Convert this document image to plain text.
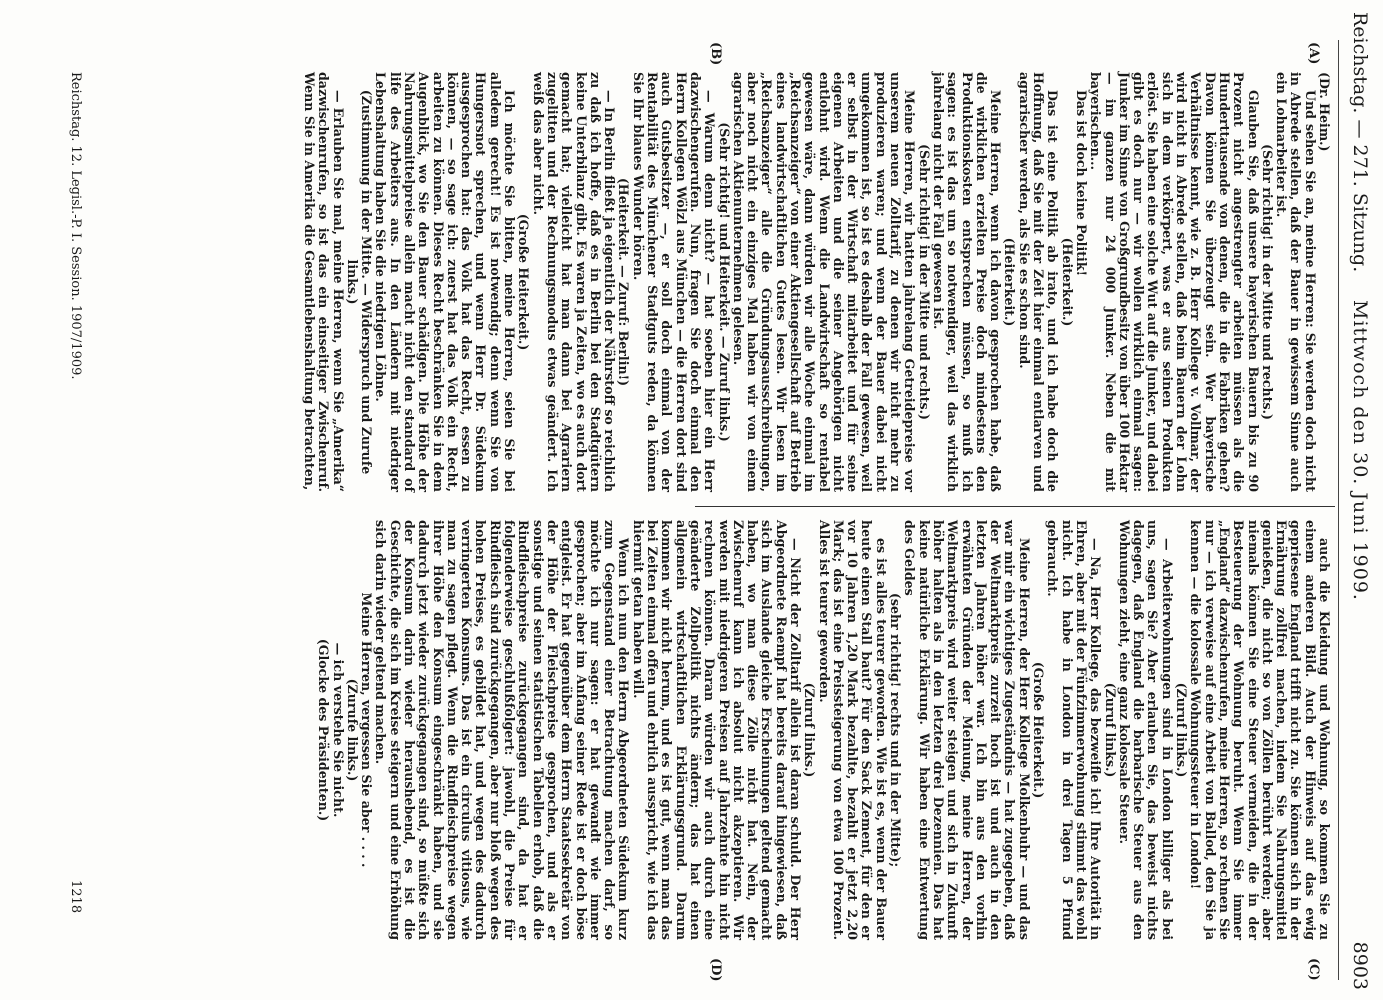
Reichstag. — 271. Sitzung.
Mittwoch den 30. Juni 1909.
8903
(A)
(B)
(C)
(D)

(Dr. Heim.)

Und sehen Sie an, meine Herren: Sie werden doch nicht in Abrede stellen, daß der Bauer in gewissem Sinne auch ein Lohnarbeiter ist.

(Sehr richtig! in der Mitte und rechts.)

Glauben Sie, daß unsere bayerischen Bauern bis zu 90 Prozent nicht angestrengter arbeiten müssen als die Hunderttausende von denen, die in die Fabriken gehen? Davon können Sie überzeugt sein. Wer bayerische Verhältnisse kennt, wie z. B. Herr Kollege v. Vollmar, der wird nicht in Abrede stellen, daß beim Bauern der Lohn sich in dem verkörpert, was er aus seinen Produkten erlöst. Sie haben eine solche Wut auf die Junker, und dabei gibt es doch nur — wir wollen wirklich einmal sagen: Junker im Sinne von Großgrundbesitz von über 100 Hektar — im ganzen nur 24 000 Junker. Neben die mit bayerischen...

Das ist doch keine Politik!

(Heiterkeit.)

Das ist eine Politik ab irato, und ich habe doch die Hoffnung, daß Sie mit der Zeit hier einmal entlarven und agrarischer werden, als Sie es schon sind.

(Heiterkeit.)

Meine Herren, wenn ich davon gesprochen habe, daß die wirklichen erzielten Preise doch mindestens den Produktionskosten entsprechen müssen, so muß ich sagen: es ist das um so notwendiger, weil das wirklich jahrelang nicht der Fall gewesen ist.

(Sehr richtig! in der Mitte und rechts.)

Meine Herren, wir hatten jahrelang Getreidepreise vor unserem neuen Zolltarif, zu denen wir nicht mehr zu produzieren waren; und wenn der Bauer dabei nicht umgekommen ist, so ist es deshalb der Fall gewesen, weil er selbst in der Wirtschaft mitarbeitet und für seine eigenen Arbeiten und die seiner Angehörigen nicht entlohnt wird. Wenn die Landwirtschaft so rentabel gewesen wäre, dann würden wir alle Woche einmal im „Reichsanzeiger“ von einer Aktiengesellschaft auf Betrieb eines landwirtschaftlichen Gutes lesen. Wir lesen im „Reichsanzeiger“ alle die Gründungsausschreibungen, aber noch nicht ein einziges Mal haben wir von einem agrarischen Aktienunternehmen gelesen.

(Sehr richtig! und Heiterkeit. — Zuruf links.)

— Warum denn nicht? — hat soeben hier ein Herr dazwischengerufen. Nun, fragen Sie doch einmal den Herrn Kollegen Wölzl aus München — die Herren dort sind auch Gutsbesitzer —, er soll doch einmal von der Rentabilität des Münchener Stadtguts reden, da können Sie Ihr blaues Wunder hören.

(Heiterkeit. — Zuruf: Berlin!)

— In Berlin fließt ja eigentlich der Nährstoff so reichlich zu daß ich hoffe, daß es in Berlin bei den Stadtgütern keine Unterbilanz gibt. Es waren ja Zeiten, wo es auch dort gemacht hat; vielleicht hat man dann bei Agrariern zugelitten und der Rechnungsmodus etwas geändert. Ich weiß das aber nicht.

(Große Heiterkeit.)

Ich möchte Sie bitten, meine Herren, seien Sie bei alledem gerecht! Es ist notwendig; denn wenn Sie von Hungersnot sprechen, und wenn Herr Dr. Südekum ausgesprochen hat: das Volk hat das Recht, essen zu können, — so sage ich: zuerst hat das Volk ein Recht, arbeiten zu können. Dieses Recht beschränken Sie in dem Augenblick, wo Sie den Bauer schädigen. Die Höhe der Nahrungsmittelpreise allein macht nicht den standard of life des Arbeiters aus. In den Ländern mit niedriger Lebenshaltung haben Sie die niedrigen Löhne.

(Zustimmung in der Mitte. — Widerspruch und Zurufe links.)

— Erlauben Sie mal, meine Herren, wenn Sie „Amerika“ dazwischenrufen, so ist das ein einseitiger Zwischenruf. Wenn Sie in Amerika die Gesamtlebenshaltung betrachten,

auch die Kleidung und Wohnung, so kommen Sie zu einem anderen Bild. Auch der Hinweis auf das ewig gepriesene England trifft nicht zu. Sie können sich in der Ernährung zollfrei machen, indem Sie Nahrungsmittel genießen, die nicht so von Zöllen berührt werden; aber niemals können Sie eine Steuer vermeiden, die in der Besteuerung der Wohnung beruht. Wenn Sie immer „England“ dazwischenrufen, meine Herren, so rechnen Sie nur — ich verweise auf eine Arbeit von Ballod, den Sie ja kennen — die kolossale Wohnungssteuer in London!

(Zuruf links.)

— Arbeiterwohnungen sind in London billiger als bei uns, sagen Sie? Aber erlauben Sie, das beweist nichts dagegen, daß England die barbarische Steuer aus den Wohnungen zieht, eine ganz kolossale Steuer.

(Zuruf links.)

— Na, Herr Kollege, das bezweifle ich! Ihre Autorität in Ehren, aber mit der Fünfzimmerwohnung stimmt das wohl nicht. Ich habe in London in drei Tagen 5 Pfund gebraucht.

(Große Heiterkeit.)

Meine Herren, der Herr Kollege Molkenbuhr — und das war mir ein wichtiges Zugeständnis — hat zugegeben, daß der Weltmarktpreis zurzeit hoch ist und auch in den letzten Jahren höher war. Ich bin aus den vorhin erwähnten Gründen der Meinung, meine Herren, der Weltmarktpreis wird weiter steigen und sich in Zukunft höher halten als in den letzten drei Dezennien. Das hat keine natürliche Erklärung. Wir haben eine Entwertung des Geldes

(sehr richtig! rechts und in der Mitte);

es ist alles teurer geworden. Wie ist es, wenn der Bauer heute einen Stall baut? Für den Sack Zement, für den er vor 10 Jahren 1,20 Mark bezahlte, bezahlt er jetzt 2,20 Mark; das ist eine Preissteigerung von etwa 100 Prozent. Alles ist teurer geworden.

(Zuruf links.)

— Nicht der Zolltarif allein ist daran schuld. Der Herr Abgeordnete Raempf hat bereits darauf hingewiesen, daß sich im Auslande gleiche Erscheinungen geltend gemacht haben, wo man diese Zölle nicht hat. Nein, der Zwischenruf kann ich absolut nicht akzeptieren. Wir werden mit niedrigeren Preisen auf Jahrzehnte hin nicht rechnen können. Daran würden wir auch durch eine geänderte Zollpolitik nichts ändern; das hat einen allgemein wirtschaftlichen Erklärungsgrund. Darum kommen wir nicht herum, und es ist gut, wenn man das bei Zeiten einmal offen und ehrlich ausspricht, wie ich das hiermit getan haben will.

Wenn ich nun den Herrn Abgeordneten Südekum kurz zum Gegenstand einer Betrachtung machen darf, so möchte ich nur sagen: er hat gewandt wie immer gesprochen; aber im Anfang seiner Rede ist er doch böse entgleist. Er hat gegenüber dem Herrn Staatssekretär von der Höhe der Fleischpreise gesprochen, und als er sonstige und seinen statistischen Tabellen erhob, daß die Rindfleischpreise zurückgegangen sind, da hat er folgenderweise geschlußfolgert: jawohl, die Preise für Rindfleisch sind zurückgegangen, aber nur bloß wegen des hohen Preises, es gebildet hat, und wegen des dadurch verringerten Konsums. Das ist ein circulus vitiosus, wie man zu sagen pflegt. Wenn die Rindfleischpreise wegen ihrer Höhe den Konsum eingeschränkt haben, und sie dadurch jetzt wieder zurückgegangen sind, so müßte sich der Konsum darin wieder heraushebend, es ist die Geschichte, die sich im Kreise steigern und eine Erhöhung sich darin wieder geltend machen.

Meine Herren, vergessen Sie aber . . . .

(Zurufe links.)

— ich verstehe Sie nicht.

(Glocke des Präsidenten.)

Reichstag. 12. Legisl.-P. I. Session. 1907/1909.
1218
